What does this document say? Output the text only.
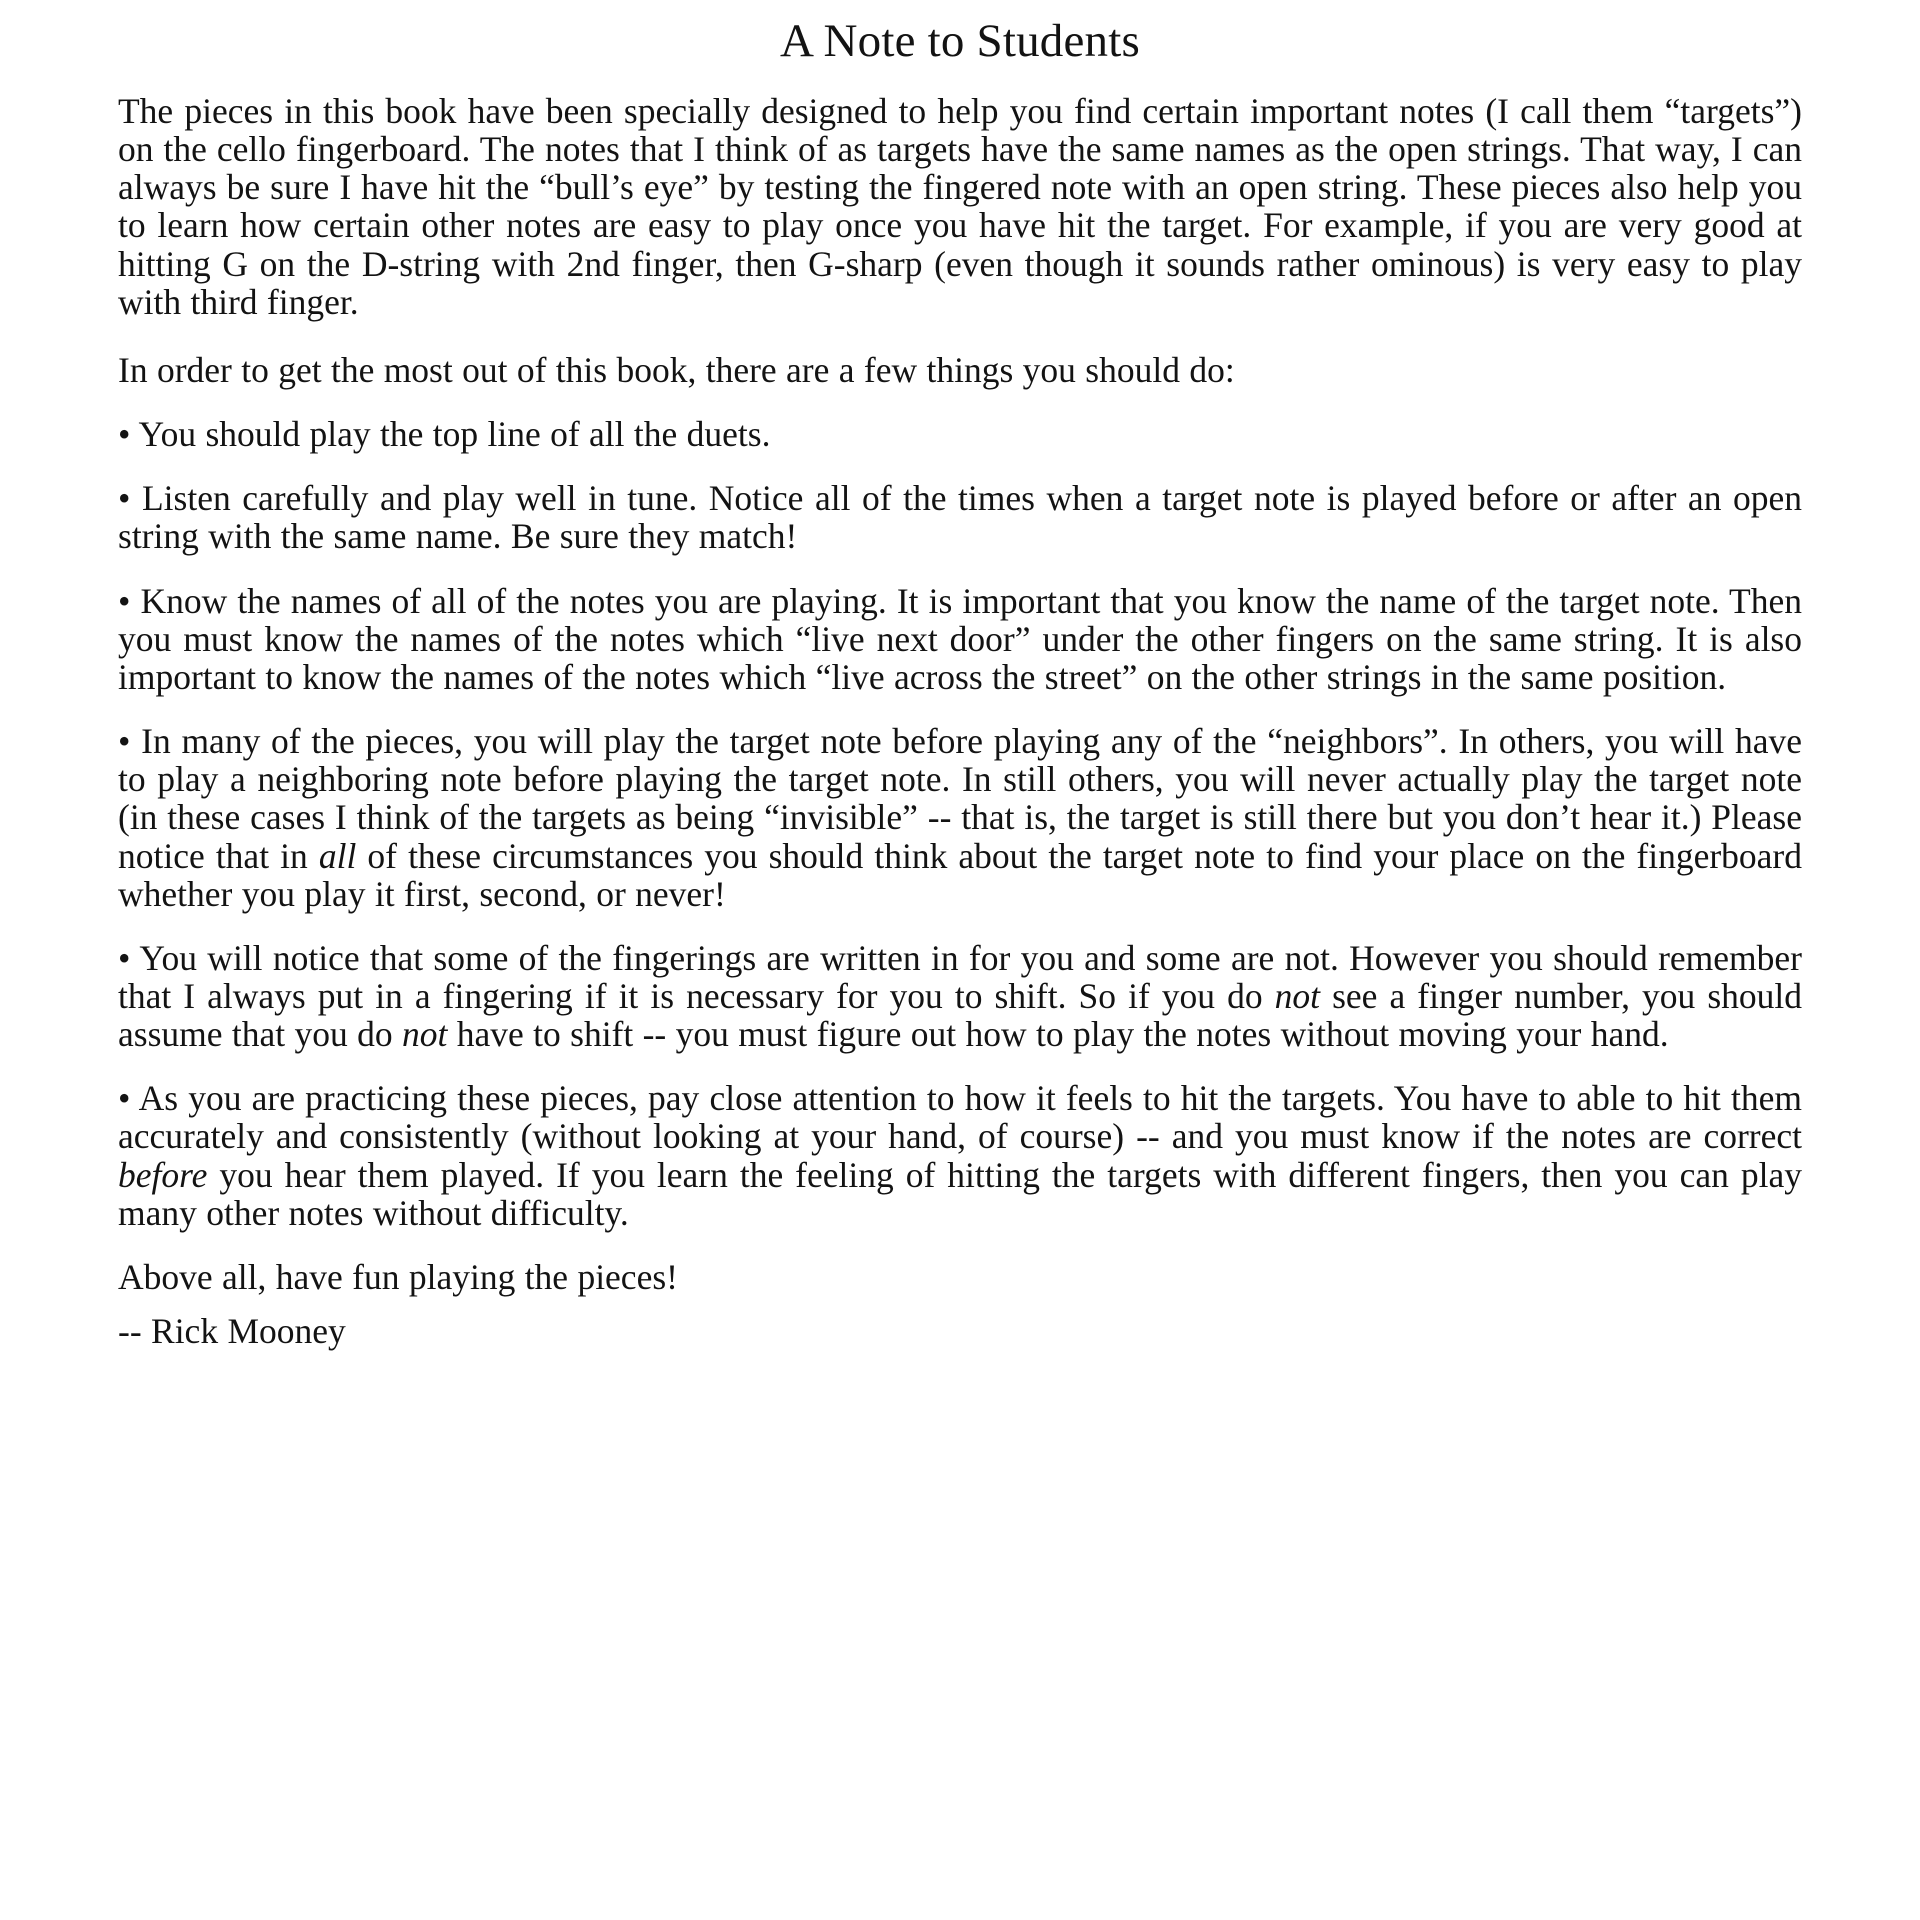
A Note to Students

The pieces in this book have been specially designed to help you find certain important notes (I call them “targets”) on the cello fingerboard. The notes that I think of as targets have the same names as the open strings. That way, I can always be sure I have hit the “bull’s eye” by testing the fingered note with an open string. These pieces also help you to learn how certain other notes are easy to play once you have hit the target. For example, if you are very good at hitting G on the D-string with 2nd finger, then G-sharp (even though it sounds rather ominous) is very easy to play with third finger.

In order to get the most out of this book, there are a few things you should do:

• You should play the top line of all the duets.

• Listen carefully and play well in tune. Notice all of the times when a target note is played before or after an open string with the same name. Be sure they match!

• Know the names of all of the notes you are playing. It is important that you know the name of the target note. Then you must know the names of the notes which “live next door” under the other fingers on the same string. It is also important to know the names of the notes which “live across the street” on the other strings in the same position.

• In many of the pieces, you will play the target note before playing any of the “neighbors”. In others, you will have to play a neighboring note before playing the target note. In still others, you will never actually play the target note (in these cases I think of the targets as being “invisible” -- that is, the target is still there but you don’t hear it.) Please notice that in all of these circumstances you should think about the target note to find your place on the fingerboard whether you play it first, second, or never!

• You will notice that some of the fingerings are written in for you and some are not. However you should remember that I always put in a fingering if it is necessary for you to shift. So if you do not see a finger number, you should assume that you do not have to shift -- you must figure out how to play the notes without moving your hand.

• As you are practicing these pieces, pay close attention to how it feels to hit the targets. You have to able to hit them accurately and consistently (without looking at your hand, of course) -- and you must know if the notes are correct before you hear them played. If you learn the feeling of hitting the targets with different fingers, then you can play many other notes without difficulty.

Above all, have fun playing the pieces!

-- Rick Mooney
